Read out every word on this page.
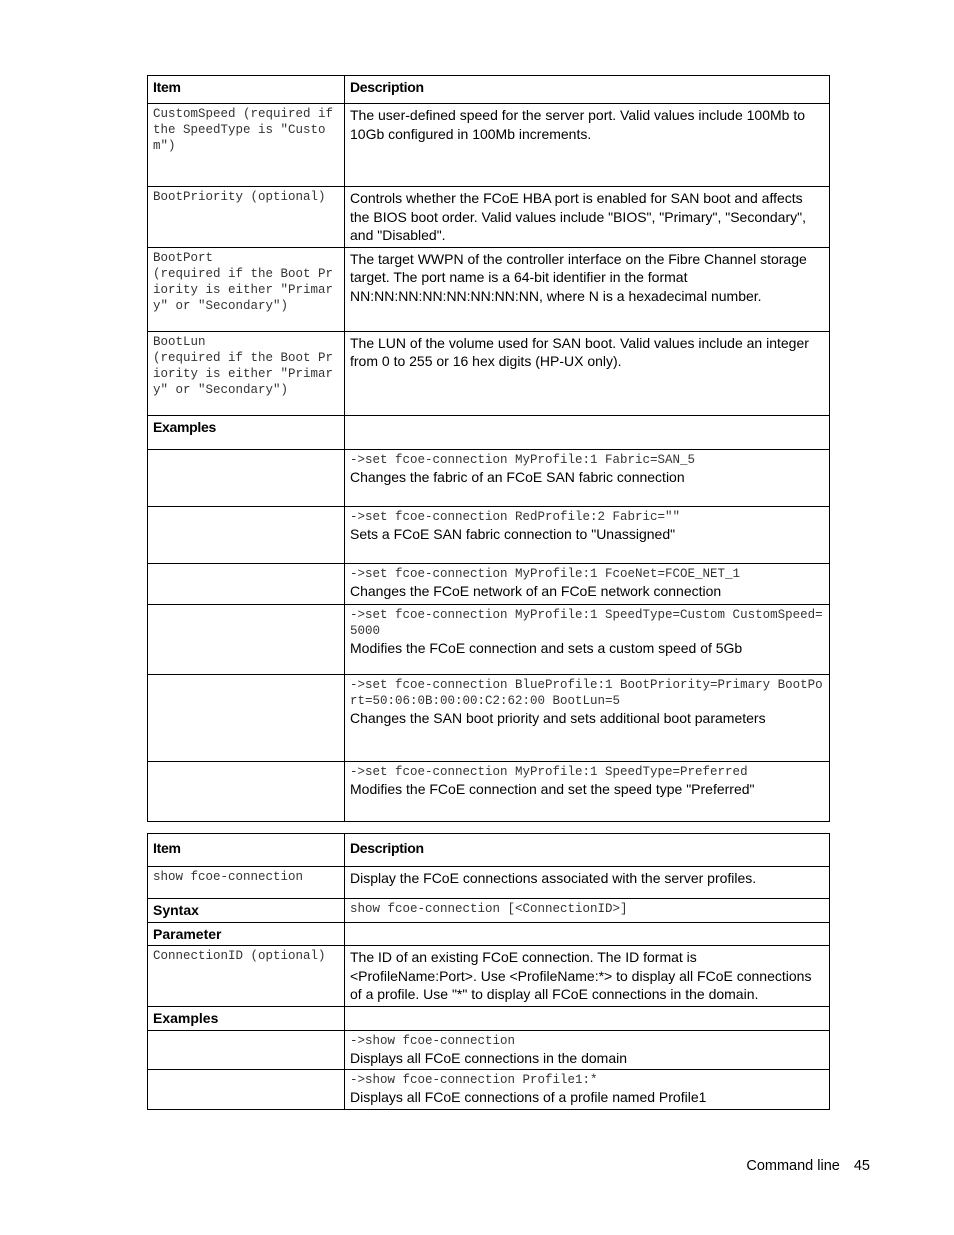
Item	Description

CustomSpeed (required if the SpeedType is "Custom")	The user-defined speed for the server port. Valid values include 100Mb to 10Gb configured in 100Mb increments.

BootPriority (optional)	Controls whether the FCoE HBA port is enabled for SAN boot and affects the BIOS boot order. Valid values include "BIOS", "Primary", "Secondary", and "Disabled".

BootPort
(required if the Boot Priority is either "Primary" or "Secondary")	The target WWPN of the controller interface on the Fibre Channel storage target. The port name is a 64-bit identifier in the format NN:NN:NN:NN:NN:NN:NN:NN, where N is a hexadecimal number.

BootLun
(required if the Boot Priority is either "Primary" or "Secondary")	The LUN of the volume used for SAN boot. Valid values include an integer from 0 to 255 or 16 hex digits (HP-UX only).

Examples	

	->set fcoe-connection MyProfile:1 Fabric=SAN_5
Changes the fabric of an FCoE SAN fabric connection

	->set fcoe-connection RedProfile:2 Fabric=""
Sets a FCoE SAN fabric connection to "Unassigned"

	->set fcoe-connection MyProfile:1 FcoeNet=FCOE_NET_1
Changes the FCoE network of an FCoE network connection

	->set fcoe-connection MyProfile:1 SpeedType=Custom CustomSpeed=5000
Modifies the FCoE connection and sets a custom speed of 5Gb

	->set fcoe-connection BlueProfile:1 BootPriority=Primary BootPort=50:06:0B:00:00:C2:62:00 BootLun=5
Changes the SAN boot priority and sets additional boot parameters

	->set fcoe-connection MyProfile:1 SpeedType=Preferred
Modifies the FCoE connection and set the speed type "Preferred"
Item	Description

show fcoe-connection	Display the FCoE connections associated with the server profiles.

Syntax	show fcoe-connection [<ConnectionID>]

Parameter	

ConnectionID (optional)	The ID of an existing FCoE connection. The ID format is <ProfileName:Port>. Use <ProfileName:*> to display all FCoE connections of a profile. Use "*" to display all FCoE connections in the domain.

Examples	

	->show fcoe-connection
Displays all FCoE connections in the domain

	->show fcoe-connection Profile1:*
Displays all FCoE connections of a profile named Profile1
Command line 45
